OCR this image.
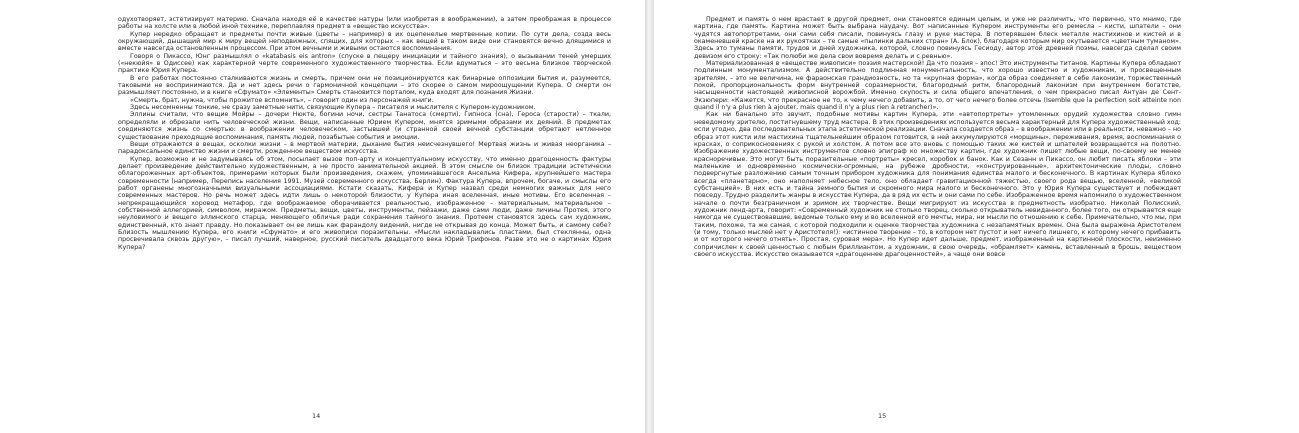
одухотворяет, эстетизирует материю. Сначала находя её в качестве натуры (или изобретая в воображении), а затем преображая в процессе работы на холсте или в любой иной технике, переплавляя предмет в «вещество искусства».

Купер нередко обращает и предметы почти живые (цветы – например) в их оцепенелые мертвенные копии. По сути дела, созда весь окружающий, дышащий мир к миру вещей неподвижных, спящих, для которых – как вещей в таком виде они становятся вечно длящимися и вместе навсегда остановленным процессом. При этом вечными и живыми остаются воспоминания.

Говоря о Пикассо, Юнг размышлял о «katabasis eis antron» (спуске в пещеру инициации и тайного знания), о вызывании теней умерших («некюйя» в Одиссее) как характерной черте современного художественного творчества. Если вдуматься – это весьма близкое творческой практике Юрия Купера.

В его работах постоянно сталкиваются жизнь и смерть, причем они не позиционируются как бинарные оппозиции бытия и, разумеется, таковыми не воспринимаются. Да и нет здесь речи о гармоничной концепции – это скорее о самом мироощущении Купера. О смерти он размышляет постоянно, и в книге «Сфумато» «Элементы» Смерть становится порталом, куда входят для познания Жизни.

«Смерть, брат, нужна, чтобы прожитое вспомнить», – говорит один из персонажей книги.

Здесь несомненны тонкие, не сразу заметные нити, связующие Купера – писателя и мыслителя с Купером-художником.

Эллины считали, что вещие Мойры – дочери Нюкте, богини ночи, сестры Танатоса (смерти), Гипноса (сна), Героса (старости) – ткали, определяли и обрезали нить человеческой жизни. Вещи, написанные Юрием Купером, мнятся зримыми образами их деяний. В предметах соединяются жизнь со смертью: в воображении человеческом, застывшей (и странной своей вечной субстанции обретают нетленное существование преходящие воспоминания, память людей, позабытые события и эмоции.

Вещи отражаются в вещах, осколки жизни – в мертвой материи, дыхание бытия неисчезнувшего! Мертвая жизнь и живая неорганика – парадоксальное единство жизни и смерти, рожденное веществом искусства.

Купер, возможно и не задумываясь об этом, посылает вызов поп-арту и концептуальному искусству, что именно драгоценность фактуры делает произведение действительно художественным, а не просто занимательной акцией. В этом смысле он близок традиции эстетически облагороженных арт-объектов, примерами которых были произведения, скажем, упоминавшегося Ансельма Кифера, крупнейшего мастера современности (например, Перепись населения 1991. Музей современного искусства, Берлин). Фактура Купера, впрочем, богаче, и смыслы его работ органены многозначными визуальными ассоциациями. Кстати сказать, Кифера и Купер назвал среди немногих важных для него современных мастеров. Но речь может здесь идти лишь о некоторой близости, у Купера иная вселенная, иные мотивы. Его вселенная – непрекращающийся хоровод метафор, где воображаемое оборачивается реальностью, изображенное – материальным, материальное – собственной аллегорией, символом, миражом. Предметы, вещи, цветы, инструменты, пейзажи, даже сами люди, даже личины Протея, этого неуловимого и вещего эллинского старца, меняющего обличья ради сохранения тайного знания. Протеем становятся здесь сам художник, единственный, кто знает правду. Но показывает он ее лишь как фарандолу видений, нигде не открывая до конца. Может быть, и самому себе? Близость мышлению Купера, его книги «Сфумато» и его живописи поразительны. «Мысли накладывались пластами, был стеклянны, одна просвечивала сквозь другую», – писал лучший, наверное, русский писатель двадцатого века Юрий Трифонов. Разве это не о картинах Юрия Купера?

14

Предмет и память о нем врастает в другой предмет, они становятся единым целым, и уже не различить, что первично, что мнимо, где картина, где память. Картина может быть выбрана наудачу. Вот написанные Купером инструменты его ремесла – кисти, шпатели – они чудятся автопортретами, они сами себя писали, повинуясь глазу и руке мастера. В потерявшем блеск металле мастихинов и кистей и в окаменевшей краске на их рукоятках – те самые «пылинки дальних стран» (А. Блок), благодаря которым мир окутывается «цветным туманом». Здесь это туманы памяти, трудов и дней художника, которой, словно повинуясь Гесиоду, автор этой древней поэмы, навсегда сделал своим девизом его строку: «Так полюби же дела свои вовремя делать и с ревнью».

Материализованная в «веществе живописи» поэзия мастерской! Да что поэзия – эпос! Это инструменты титанов. Картины Купера обладают подлинным монументализмом. А действительно подлинная монументальность, что хорошо известно и художникам, и просвещенным зрителям, – это не величина, не фараонская грандиозность, но та «крупная форма», когда образ соединяет в себе лаконизм, торжественный покой, пропорциональность форм внутренней соразмерности, благородный ритм, благородный лаконизм при внутреннем богатстве, насыщенности настоящей живописной ворожбой. Именно скупость и сила общего впечатления, о чем прекрасно писал Антуан де Сент-Экзюпери: «Кажется, что прекрасное не то, к чему нечего добавить, а то, от чего нечего более отсечь (Isemble que la perfection soit atteinte non quand il n'y a plus rien à ajouter, mais quand il n'y a plus rien à retrancher)».

Как ни банально это звучит, подобные мотивы картин Купера, эти «автопортреты» утомленных орудий художества словно гимн неведомому зрителю, постигнувшему труд мастера. В этих произведениях используется весьма характерный для Купера художественный ход: если угодно, два последовательных этапа эстетической реализации. Сначала создается образ – в воображении или в реальности, неважно – но образ этот кисти или мастихина тщательнейшим образом готовится, в ней аккумулируются «морщины», переживания, время, воспоминания о красках, о соприкосновениях с рукой и холстом. А потом все это вновь с помощью таких же кистей и шпателей возвращается на полотно. Изображение художественных инструментов словно эпиграф ко множеству картин, где художник пишет любые вещи, по-своему не менее красноречивые. Это могут быть поразительные «портреты» кресел, коробок и банок. Как и Сезанн и Пикассо, он любит писать яблоки – эти маленькие и одновременно космически-огромные, на рубеже дробности, «конструированные», архитектонические плоды, словно подвергнутые разложению самым точным прибором художника для понимания единства малого и бесконечного. В картинах Купера яблоко всегда «планетарно», оно наполняет небесное тело, оно обладает гравитационной тяжестью, своего рода вещью, вселенной, «великой субстанцией». В них есть и тайна земного бытия и скромного мира малого и бесконечного. Это у Юрия Купера существует и побеждает повседу. Трудно разделить жанры в искусстве Купера, да в ряд их есть и они сами по себе. Изображенное время напомнило о художественном начале о почти безграничном и зримом их творчестве. Вещи мигрируют из искусства в предметность изобратно. Николай Полисский, художник ленд-арта, говорит: «Современный художник не столько творец, сколько открыватель невиданного, более того, он открывается еще никогда не существовавшие, ведомые только ему и во вселенной его мечты, мира, ни мысли по отношению к себе. Примечательно, что мы, при таким, похоже, та же самая, с которой подходили к оценке творчества художника с незапамятных времен. Она была выражена Аристотелем (и тому, только мыслей нет у Аристотеля!): «истинное творение – то, в котором нет пустот и нет ничего лишнего, к которому нечего прибавить и от которого нечего отнять». Простая, суровая мера». Но Купер идет дальше, предмет, изображенный на картинной плоскости, неизменно сопричислен к своей ценностью с любым бриллиантом, а художник, в свою очередь, «обрамляет» камень, вставленный в брошь, веществом своего искусства. Искусство оказывается «драгоценнее драгоценностей», а чаще они вовсе

15
